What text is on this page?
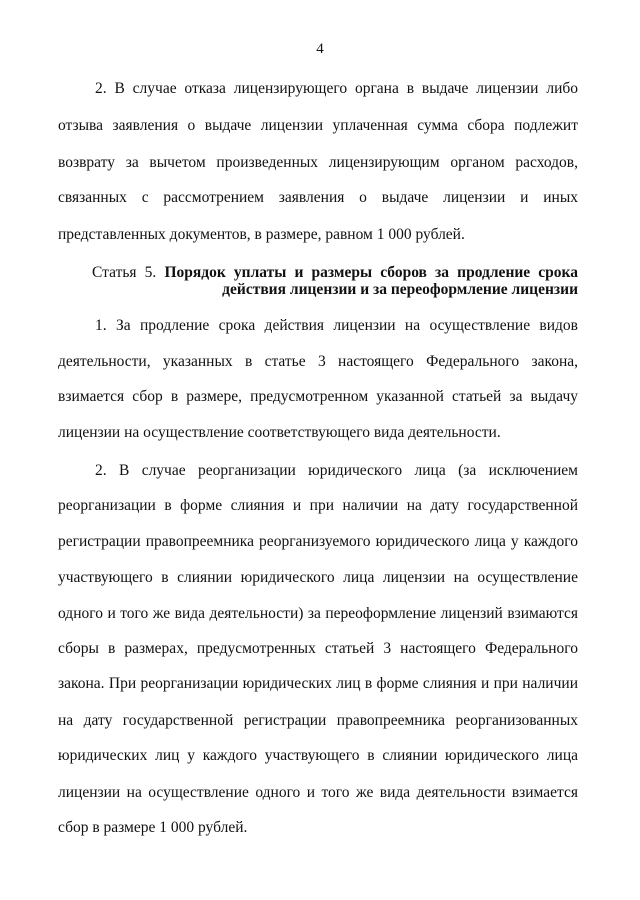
4
2. В случае отказа лицензирующего органа в выдаче лицензии либо
отзыва заявления о выдаче лицензии уплаченная сумма сбора подлежит
возврату за вычетом произведенных лицензирующим органом расходов,
связанных с рассмотрением заявления о выдаче лицензии и иных
представленных документов, в размере, равном 1 000 рублей.
Статья 5. Порядок уплаты и размеры сборов за продление срока
действия лицензии и за переоформление лицензии
1. За продление срока действия лицензии на осуществление видов
деятельности, указанных в статье 3 настоящего Федерального закона,
взимается сбор в размере, предусмотренном указанной статьей за выдачу
лицензии на осуществление соответствующего вида деятельности.
2. В случае реорганизации юридического лица (за исключением
реорганизации в форме слияния и при наличии на дату государственной
регистрации правопреемника реорганизуемого юридического лица у каждого
участвующего в слиянии юридического лица лицензии на осуществление
одного и того же вида деятельности) за переоформление лицензий взимаются
сборы в размерах, предусмотренных статьей 3 настоящего Федерального
закона. При реорганизации юридических лиц в форме слияния и при наличии
на дату государственной регистрации правопреемника реорганизованных
юридических лиц у каждого участвующего в слиянии юридического лица
лицензии на осуществление одного и того же вида деятельности взимается
сбор в размере 1 000 рублей.
